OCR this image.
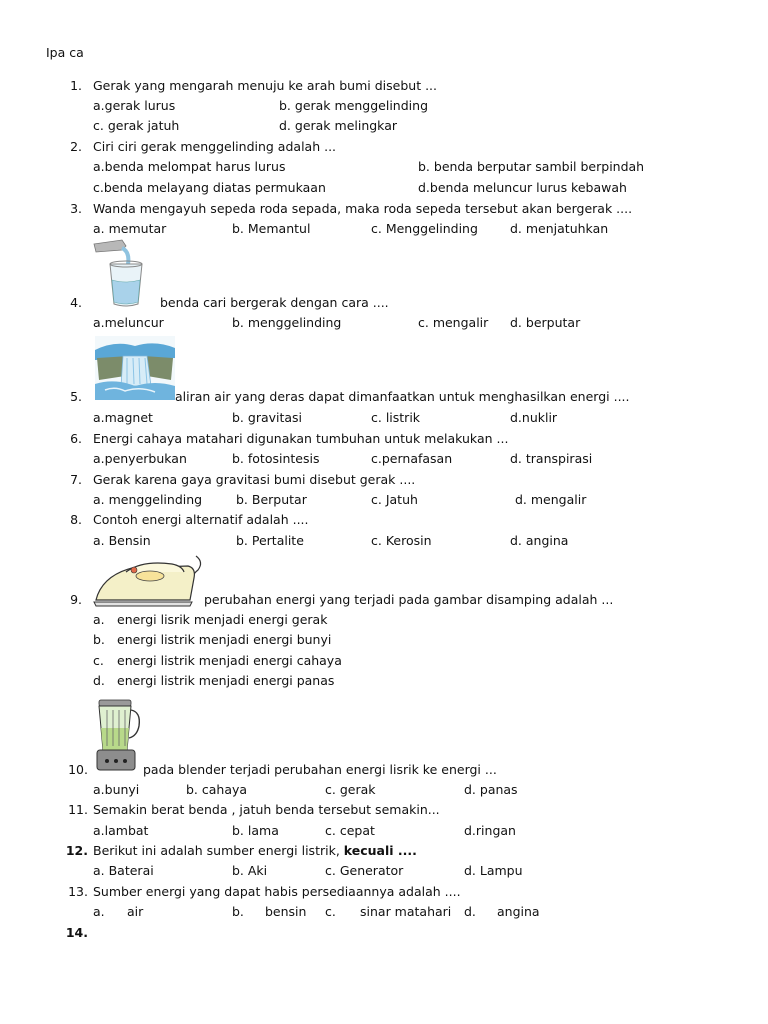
Ipa ca
1. Gerak yang mengarah menuju ke arah bumi disebut ...
a.gerak lurus	b. gerak menggelinding
c. gerak jatuh	d. gerak melingkar
2. Ciri ciri gerak menggelinding adalah ...
a.benda melompat harus lurus	b. benda berputar sambil berpindah
c.benda melayang diatas permukaan	d.benda meluncur lurus kebawah
3. Wanda mengayuh sepeda roda sepada, maka roda sepeda tersebut akan bergerak ....
a. memutar	b. Memantul	c. Menggelinding	d. menjatuhkan
4.	benda cari bergerak dengan cara ....
a.meluncur	b. menggelinding	c. mengalir d. berputar
5.	aliran air yang deras dapat dimanfaatkan untuk menghasilkan energi ....
a.magnet	b. gravitasi	c. listrik	d.nuklir
6. Energi cahaya matahari digunakan tumbuhan untuk melakukan ...
a.penyerbukan	b. fotosintesis	c.pernafasan	d. transpirasi
7. Gerak karena gaya gravitasi bumi disebut gerak ....
a. menggelinding	b. Berputar	c. Jatuh	d. mengalir
8. Contoh energi alternatif adalah ....
a. Bensin	b. Pertalite	c. Kerosin	d. angina
9.	perubahan energi yang terjadi pada gambar disamping adalah ...
a. energi lisrik menjadi energi gerak
b. energi listrik menjadi energi bunyi
c. energi listrik menjadi energi cahaya
d. energi listrik menjadi energi panas
10.	pada blender terjadi perubahan energi lisrik ke energi ...
a.bunyi	b. cahaya	c. gerak	d. panas
11. Semakin berat benda , jatuh benda tersebut semakin...
a.lambat	b. lama	c. cepat	d.ringan
12. Berikut ini adalah sumber energi listrik, kecuali ....
a. Baterai	b. Aki	c. Generator	d. Lampu
13. Sumber energi yang dapat habis persediaannya adalah ....
a. air	b. bensin c. sinar matahari d. angina
14.
